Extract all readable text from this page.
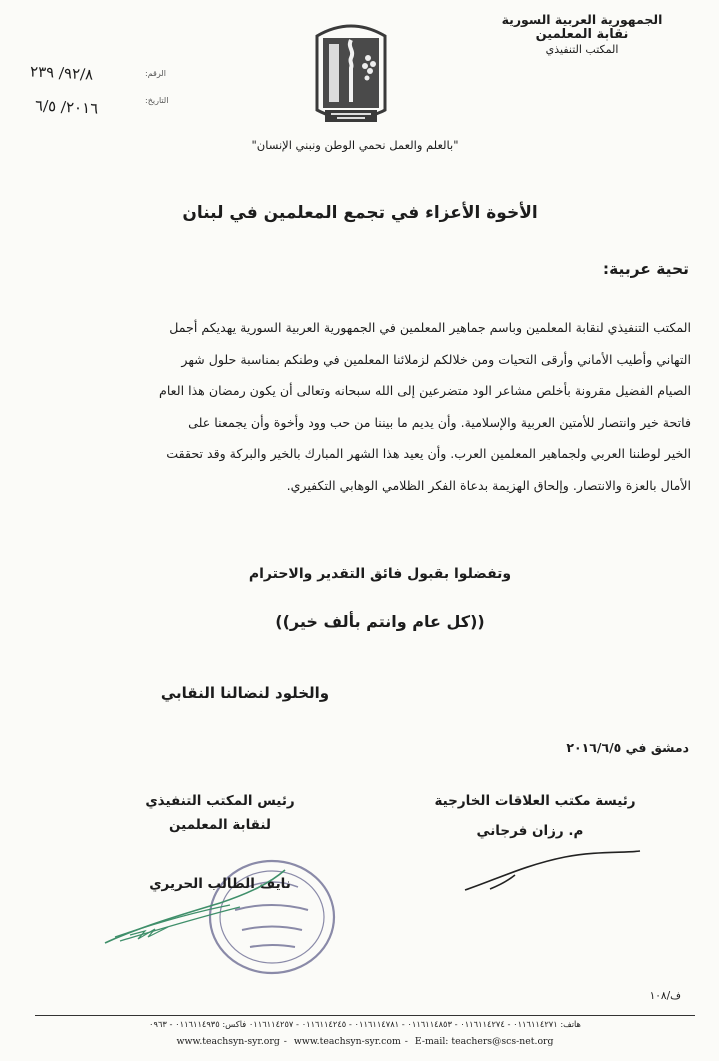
الجمهورية العربية السورية
نقابة المعلمين
المكتب التنفيذي
"بالعلم والعمل نحمي الوطن ونبني الإنسان"
الرقم:
٩٢/٨/ ٢٣٩
التاريخ:
٢٠١٦/ ٦/٥
الأخوة الأعزاء في تجمع المعلمين في لبنان
تحية عربية:
المكتب التنفيذي لنقابة المعلمين وباسم جماهير المعلمين في الجمهورية العربية السورية يهديكم أجمل
التهاني وأطيب الأماني وأرقى التحيات ومن خلالكم لزملائنا المعلمين في وطنكم بمناسبة حلول شهر
الصيام الفضيل مقرونة بأخلص مشاعر الود متضرعين إلى الله سبحانه وتعالى أن يكون رمضان هذا العام
فاتحة خير وانتصار للأمتين العربية والإسلامية. وأن يديم ما بيننا من حب وود وأخوة وأن يجمعنا على
الخير لوطننا العربي ولجماهير المعلمين العرب. وأن يعيد هذا الشهر المبارك بالخير والبركة وقد تحققت
الأمال بالعزة والانتصار. وإلحاق الهزيمة بدعاة الفكر الظلامي الوهابي التكفيري.
وتفضلوا بقبول فائق التقدير والاحترام
((كل عام وانتم بألف خير))
والخلود لنضالنا النقابي
دمشق في ٢٠١٦/٦/٥
رئيسة مكتب العلاقات الخارجية
م. رزان فرجاني
رئيس المكتب التنفيذي
لنقابة المعلمين
نايف الطالب الحريري
ف/١٠٨
هاتف: ٠١١٦١١٤٢٧١ - ٠١١٦١١٤٢٧٤ - ٠١١٦١١٤٨٥٣ - ٠١١٦١١٤٧٨١ - ٠١١٦١١٤٢٤٥ - ٠١١٦١١٤٢٥٧ فاكس: ٠١١٦١١٤٩٣٥ - ٠٩٦٣
www.teachsyn-syr.org - www.teachsyn-syr.com - E-mail: teachers@scs-net.org
